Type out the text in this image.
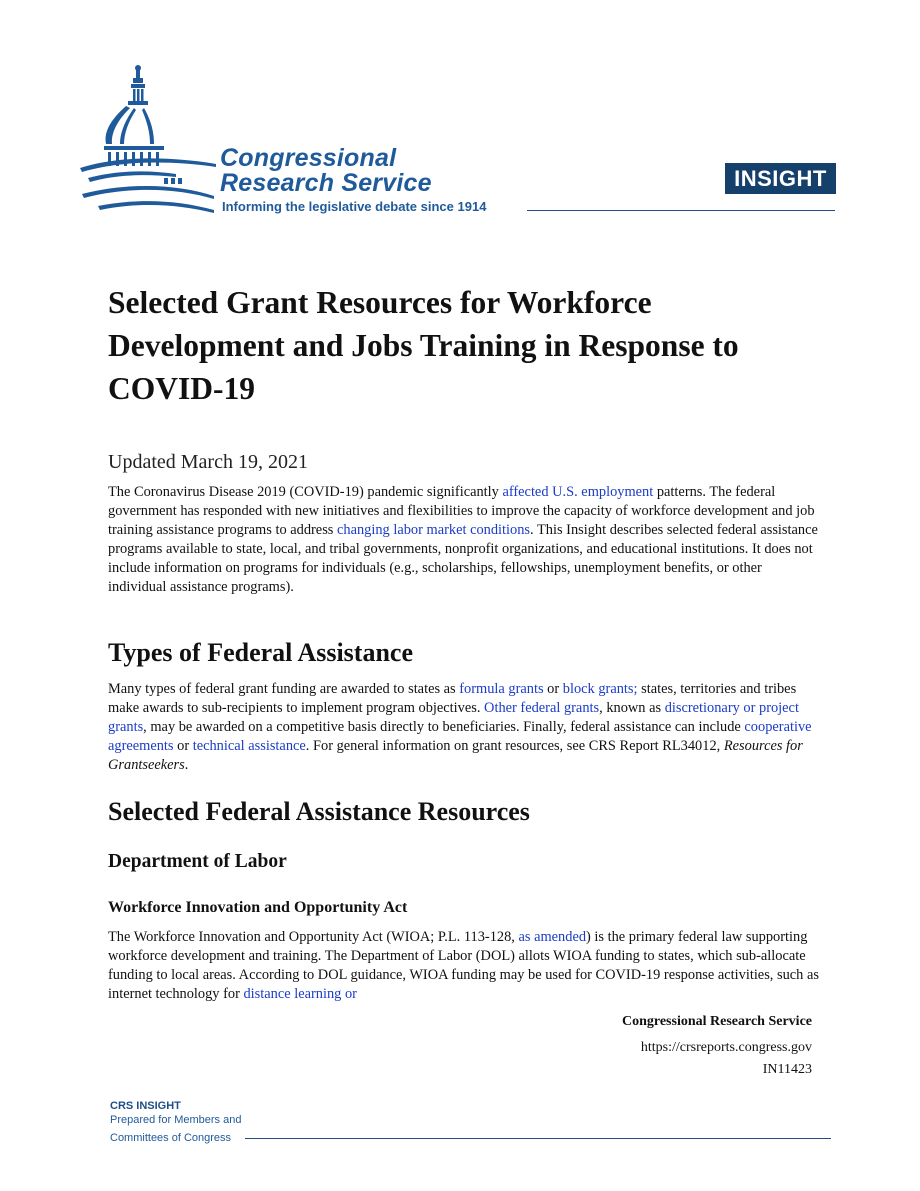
Congressional
Research Service
Informing the legislative debate since 1914
INSIGHT
Selected Grant Resources for Workforce Development and Jobs Training in Response to COVID-19
Updated March 19, 2021

The Coronavirus Disease 2019 (COVID-19) pandemic significantly affected U.S. employment patterns. The federal government has responded with new initiatives and flexibilities to improve the capacity of workforce development and job training assistance programs to address changing labor market conditions. This Insight describes selected federal assistance programs available to state, local, and tribal governments, nonprofit organizations, and educational institutions. It does not include information on programs for individuals (e.g., scholarships, fellowships, unemployment benefits, or other individual assistance programs).

Types of Federal Assistance

Many types of federal grant funding are awarded to states as formula grants or block grants; states, territories and tribes make awards to sub-recipients to implement program objectives. Other federal grants, known as discretionary or project grants, may be awarded on a competitive basis directly to beneficiaries. Finally, federal assistance can include cooperative agreements or technical assistance. For general information on grant resources, see CRS Report RL34012, Resources for Grantseekers.

Selected Federal Assistance Resources
Department of Labor
Workforce Innovation and Opportunity Act

The Workforce Innovation and Opportunity Act (WIOA; P.L. 113-128, as amended) is the primary federal law supporting workforce development and training. The Department of Labor (DOL) allots WIOA funding to states, which sub-allocate funding to local areas. According to DOL guidance, WIOA funding may be used for COVID-19 response activities, such as internet technology for distance learning or

Congressional Research Service
https://crsreports.congress.gov
IN11423
CRS INSIGHT
Prepared for Members and
Committees of Congress
